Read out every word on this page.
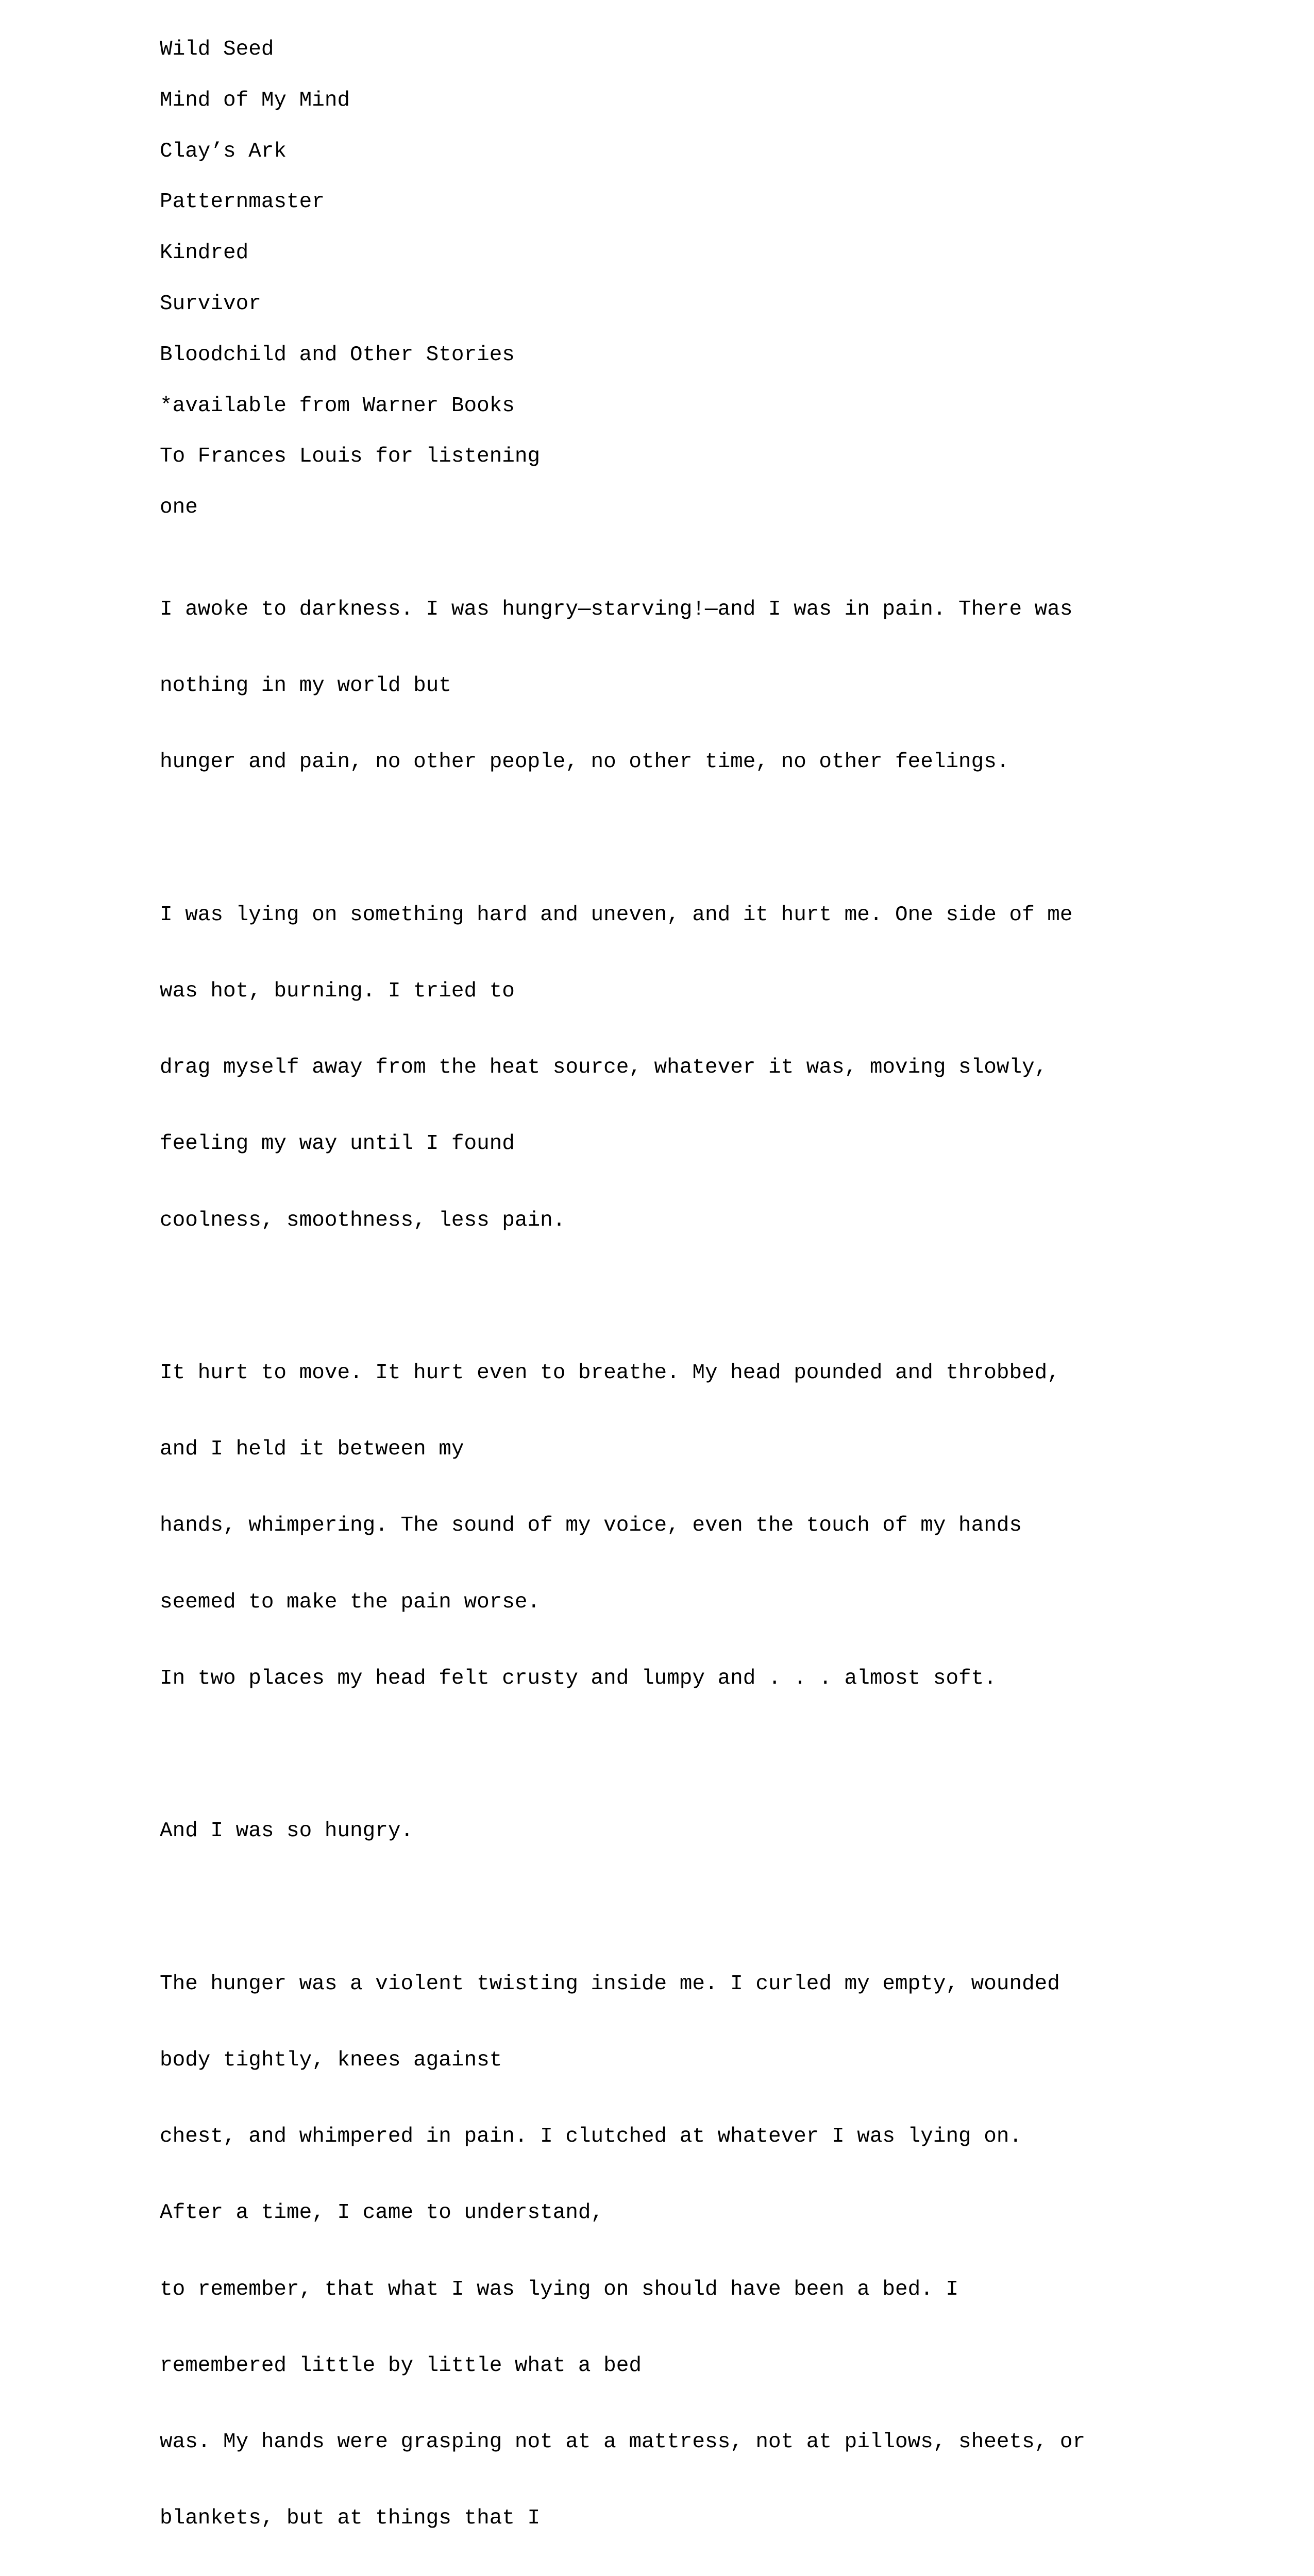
Wild Seed

Mind of My Mind

Clay’s Ark

Patternmaster

Kindred

Survivor

Bloodchild and Other Stories

*available from Warner Books

To Frances Louis for listening

one

I awoke to darkness. I was hungry—starving!—and I was in pain. There was

nothing in my world but

hunger and pain, no other people, no other time, no other feelings.

I was lying on something hard and uneven, and it hurt me. One side of me

was hot, burning. I tried to

drag myself away from the heat source, whatever it was, moving slowly,

feeling my way until I found

coolness, smoothness, less pain.

It hurt to move. It hurt even to breathe. My head pounded and throbbed,

and I held it between my

hands, whimpering. The sound of my voice, even the touch of my hands

seemed to make the pain worse.

In two places my head felt crusty and lumpy and . . . almost soft.

And I was so hungry.

The hunger was a violent twisting inside me. I curled my empty, wounded

body tightly, knees against

chest, and whimpered in pain. I clutched at whatever I was lying on.

After a time, I came to understand,

to remember, that what I was lying on should have been a bed. I

remembered little by little what a bed

was. My hands were grasping not at a mattress, not at pillows, sheets, or

blankets, but at things that I
